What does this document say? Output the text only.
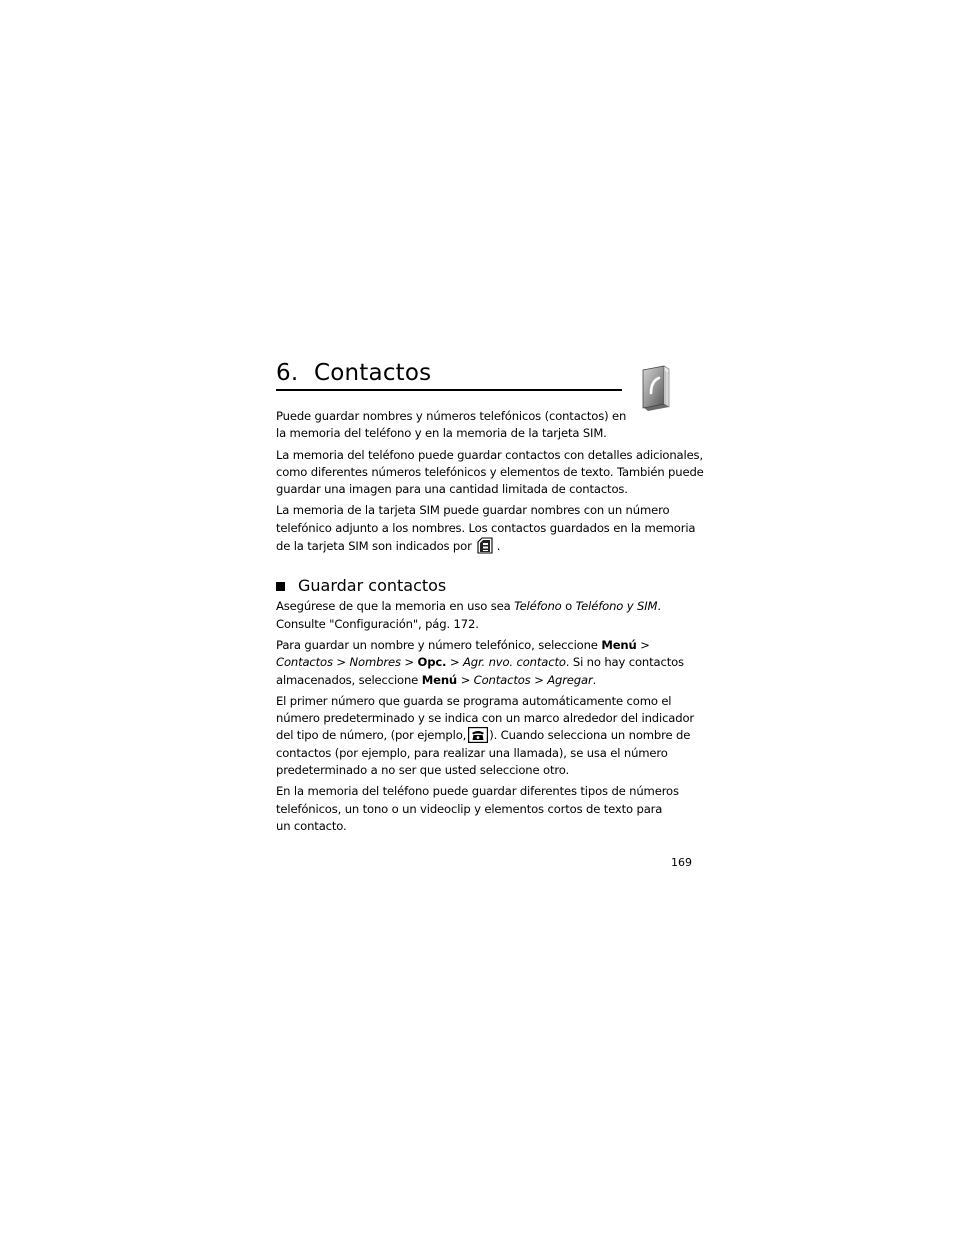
6. Contactos

Puede guardar nombres y números telefónicos (contactos) en
la memoria del teléfono y en la memoria de la tarjeta SIM.

La memoria del teléfono puede guardar contactos con detalles adicionales,
como diferentes números telefónicos y elementos de texto. También puede
guardar una imagen para una cantidad limitada de contactos.

La memoria de la tarjeta SIM puede guardar nombres con un número
telefónico adjunto a los nombres. Los contactos guardados en la memoria
de la tarjeta SIM son indicados por .

Guardar contactos

Asegúrese de que la memoria en uso sea Teléfono o Teléfono y SIM.
Consulte "Configuración", pág. 172.

Para guardar un nombre y número telefónico, seleccione Menú >
Contactos > Nombres > Opc. > Agr. nvo. contacto. Si no hay contactos
almacenados, seleccione Menú > Contactos > Agregar.

El primer número que guarda se programa automáticamente como el
número predeterminado y se indica con un marco alrededor del indicador
del tipo de número, (por ejemplo, ). Cuando selecciona un nombre de
contactos (por ejemplo, para realizar una llamada), se usa el número
predeterminado a no ser que usted seleccione otro.

En la memoria del teléfono puede guardar diferentes tipos de números
telefónicos, un tono o un videoclip y elementos cortos de texto para
un contacto.

169
